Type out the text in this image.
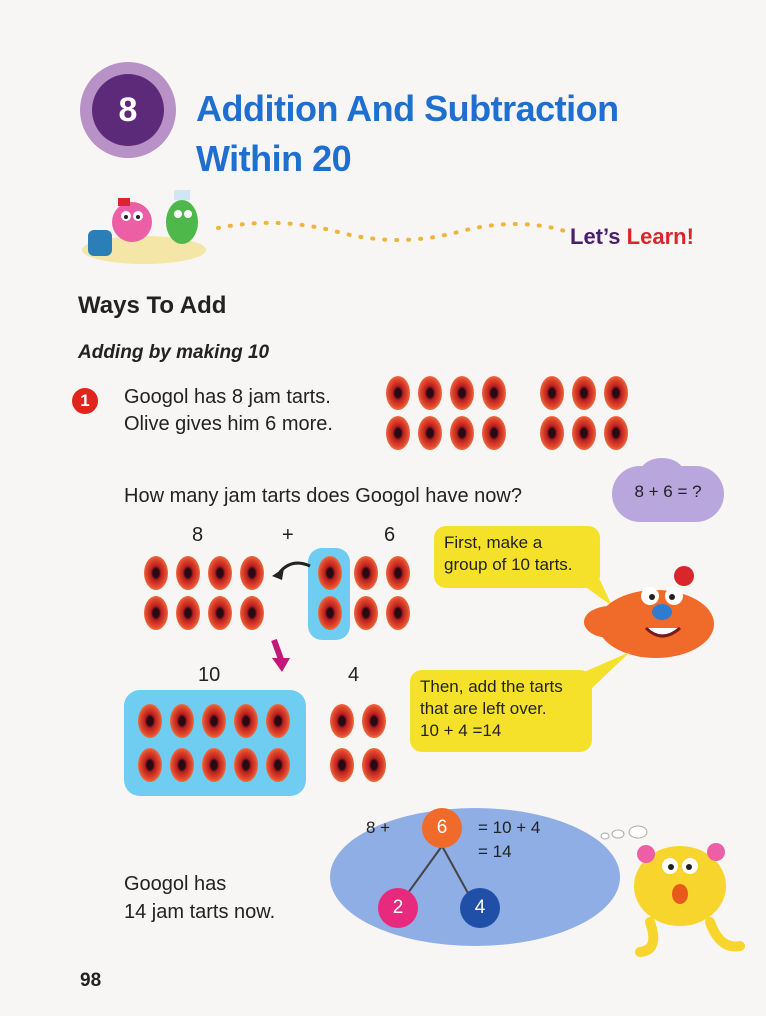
8	Addition And Subtraction
Within 20
Let’s Learn!
Ways To Add
Adding by making 10
1	Googol has 8 jam tarts.
Olive gives him 6 more.
How many jam tarts does Googol have now?	8 + 6 = ?
8	+	6	First, make a
group of 10 tarts.
10	4
Then, add the tarts
that are left over.
10 + 4 =14
8 +	6	= 10 + 4
= 14
2	4
Googol has
14 jam tarts now.
98
